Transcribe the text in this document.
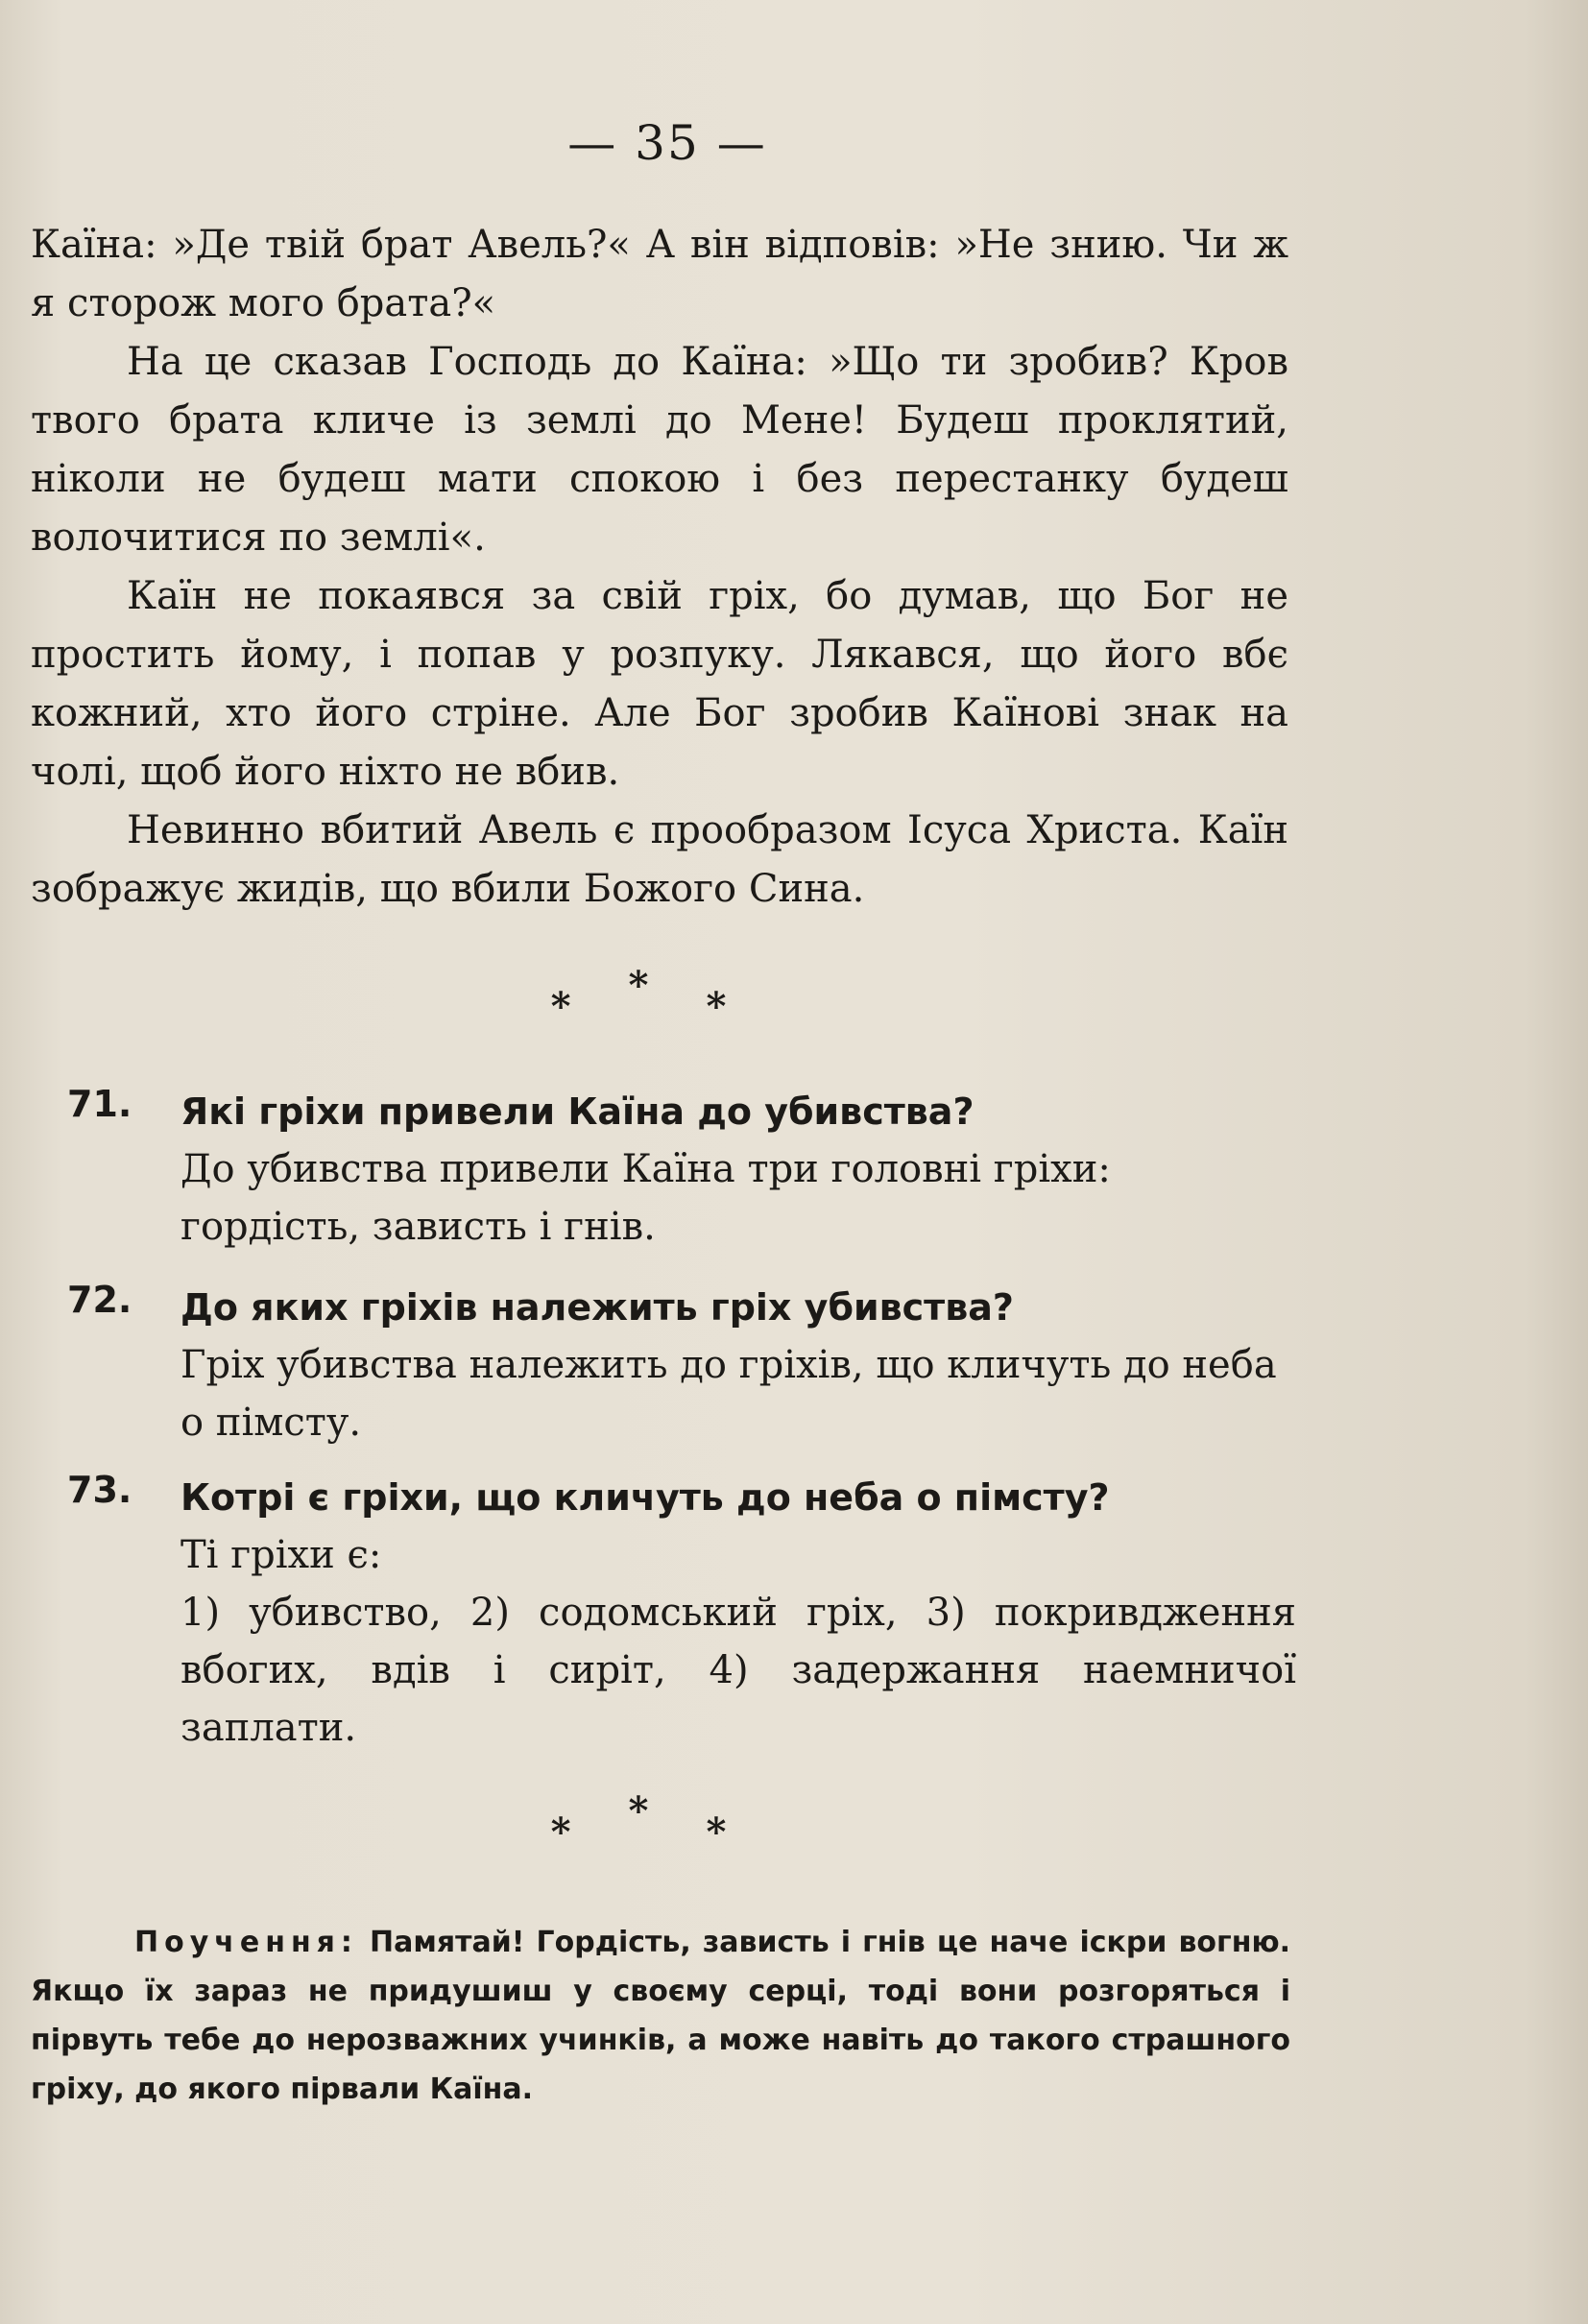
— 35 —

Каїна: »Де твій брат Авель?« А він відповів: »Не знию. Чи ж я сторож мого брата?«

На це сказав Господь до Каїна: »Що ти зробив? Кров твого брата кличе із землі до Мене! Будеш проклятий, ніколи не будеш мати спокою і без перестанку будеш волочитися по землі«.

Каїн не покаявся за свій гріх, бо думав, що Бог не простить йому, і попав у розпуку. Лякався, що його вбє кожний, хто його стріне. Але Бог зробив Каїнові знак на чолі, щоб його ніхто не вбив.

Невинно вбитий Авель є прообразом Ісуса Христа. Каїн зображує жидів, що вбили Божого Сина.

***
71. Які гріхи привели Каїна до убивства?
До убивства привели Каїна три головні гріхи: гордість, зависть і гнів.
72. До яких гріхів належить гріх убивства?
Гріх убивства належить до гріхів, що кличуть до неба о пімсту.
73. Котрі є гріхи, що кличуть до неба о пімсту?
Ті гріхи є:
1) убивство, 2) содомський гріх, 3) покривдження вбогих, вдів і сиріт, 4) задержання наемничої заплати.
***
Поучення: Памятай! Гордість, зависть і гнів це наче іскри вогню. Якщо їх зараз не придушиш у своєму серці, тоді вони розгоряться і пірвуть тебе до нерозважних учинків, а може навіть до такого страшного гріху, до якого пірвали Каїна.
